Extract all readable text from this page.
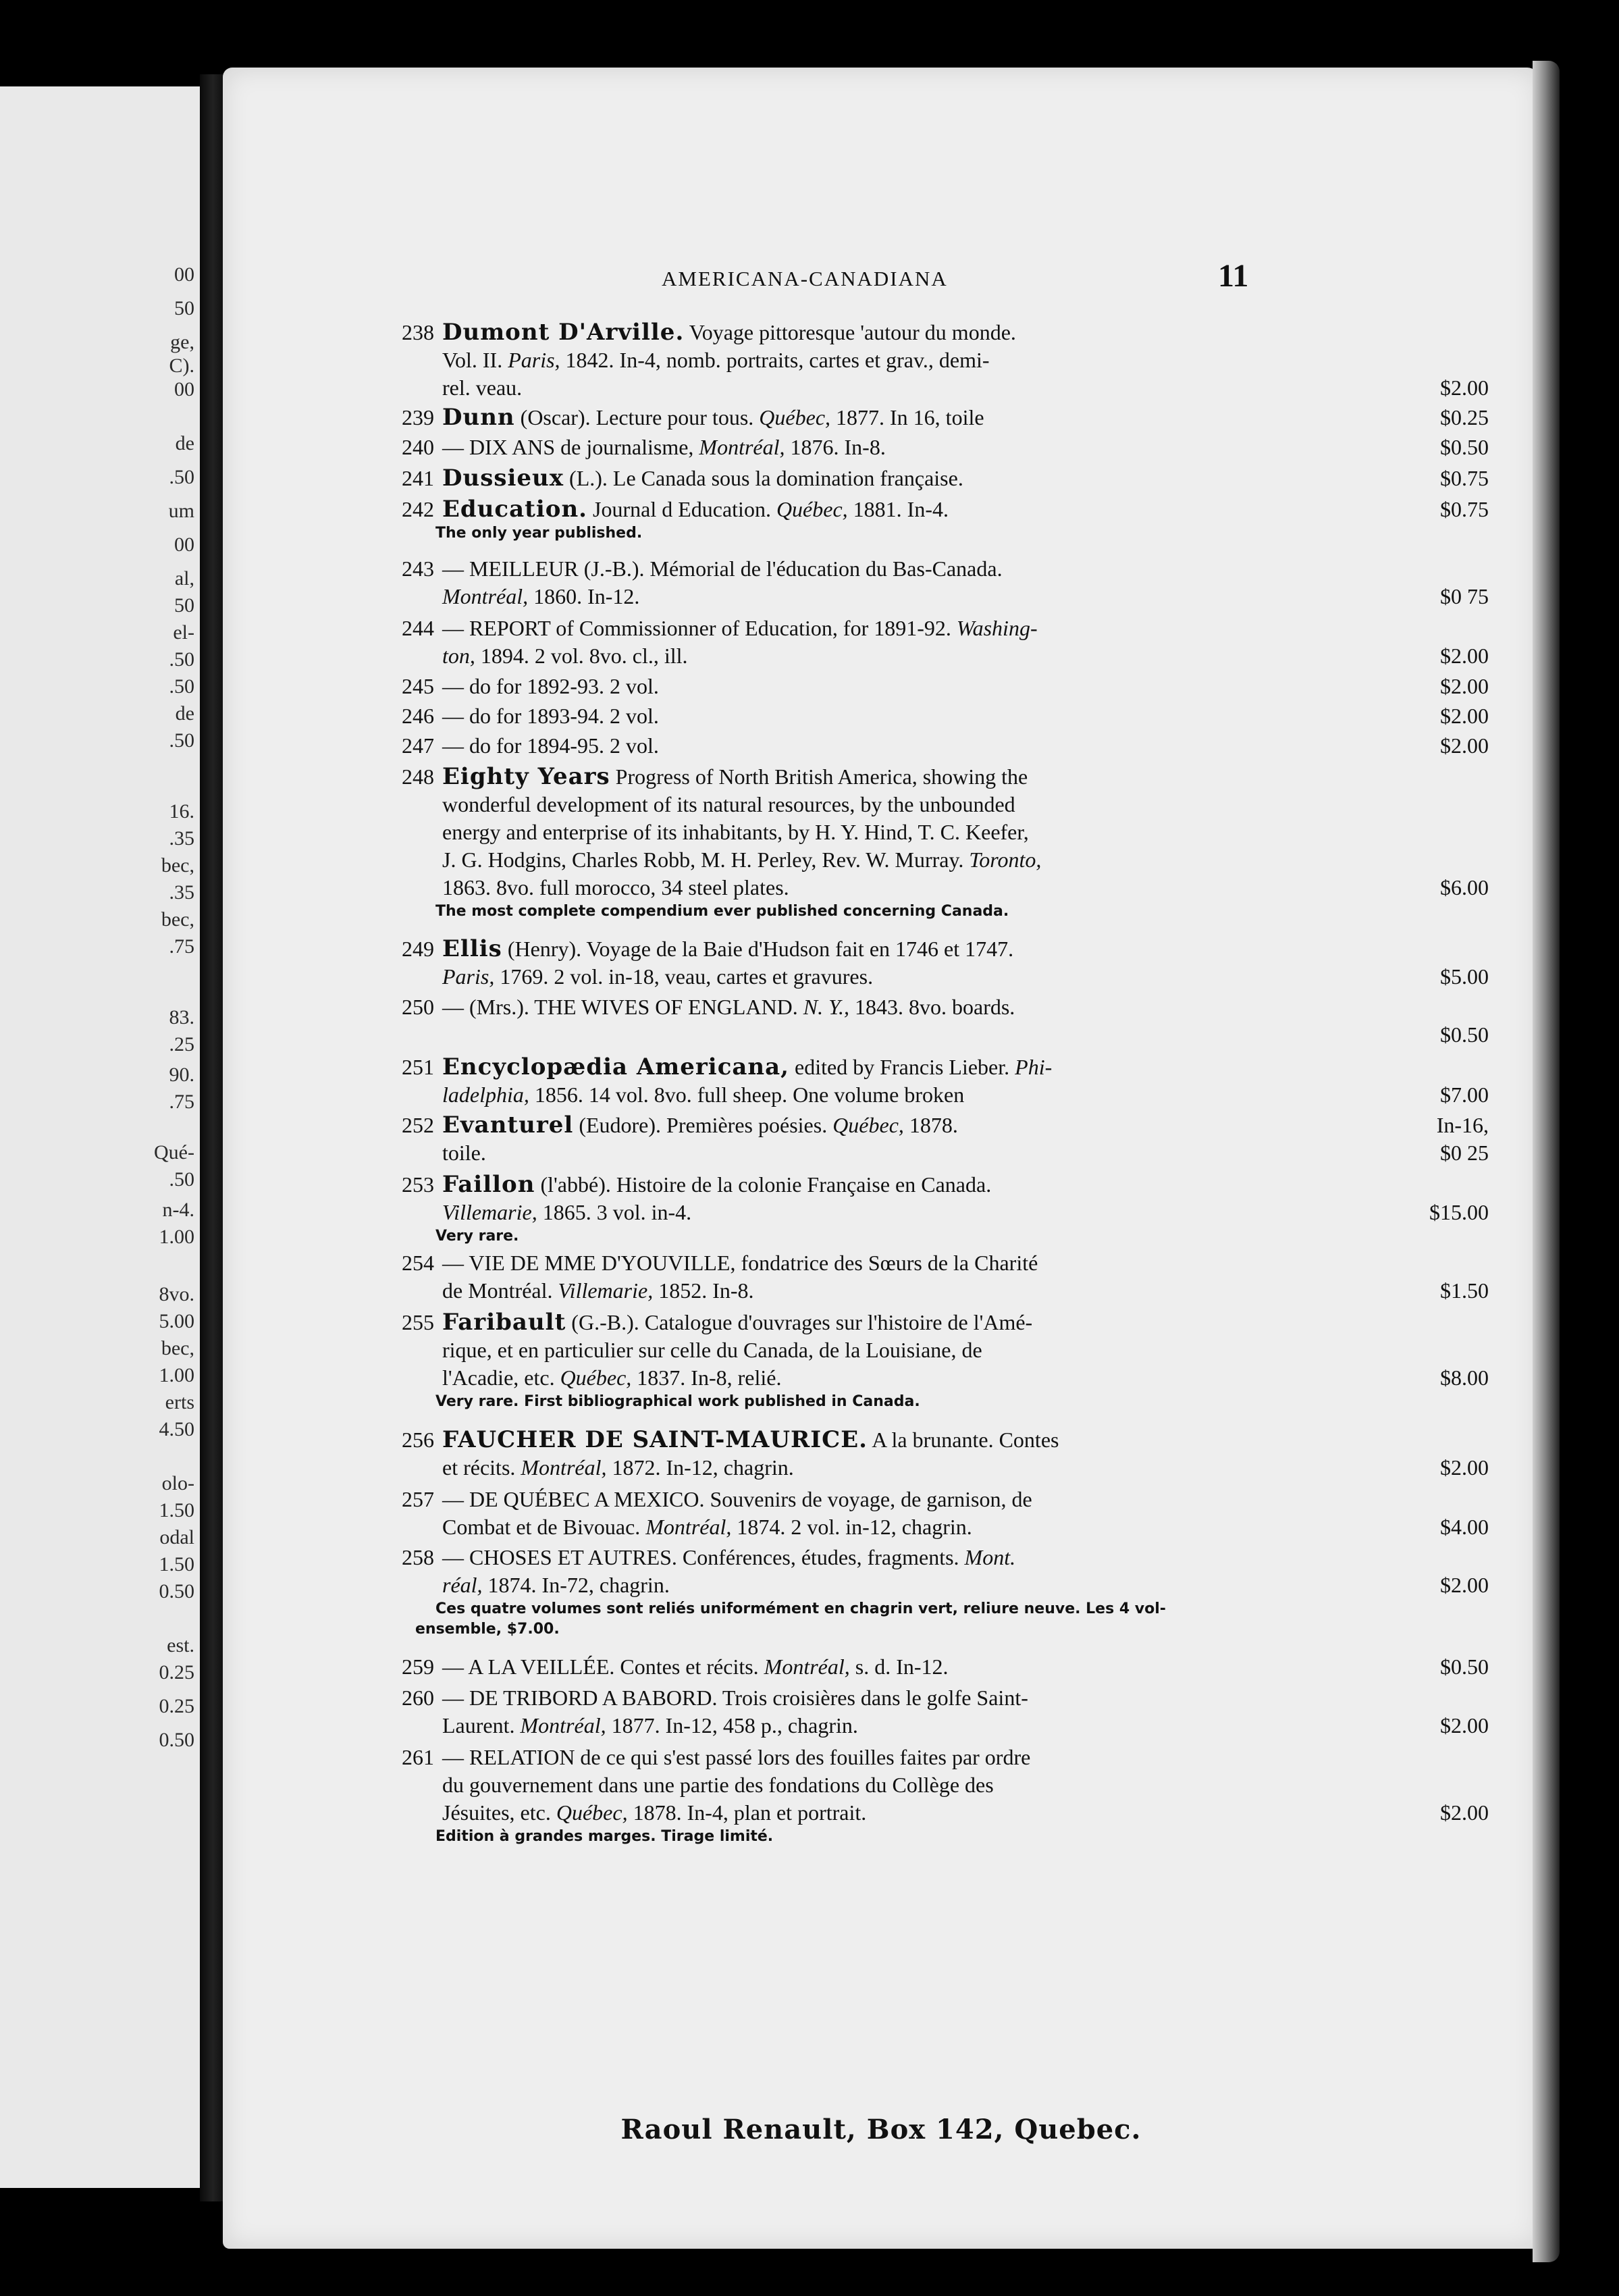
00
50
ge,
C).
00
de
.50
um
00
al,
50
el-
.50
.50
de
.50
16.
.35
bec,
.35
bec,
.75
83.
.25
90.
.75
Qué-
.50
n-4.
1.00
8vo.
5.00
bec,
1.00
erts
4.50
olo-
1.50
odal
1.50
0.50
est.
0.25
0.25
0.50
AMERICANA-CANADIANA	11
238 Dumont D'Arville. Voyage pittoresque 'autour du monde.
Vol. II. Paris, 1842. In-4, nomb. portraits, cartes et grav., demi-
rel. veau.	$2.00
239 Dunn (Oscar). Lecture pour tous. Québec, 1877. In 16, toile	$0.25
240 — DIX ANS de journalisme, Montréal, 1876. In-8.	$0.50
241 Dussieux (L.). Le Canada sous la domination française.	$0.75
242 Education. Journal d Education. Québec, 1881. In-4.	$0.75
The only year published.
243 — MEILLEUR (J.-B.). Mémorial de l'éducation du Bas-Canada.
Montréal, 1860. In-12.	$0 75
244 — REPORT of Commissionner of Education, for 1891-92. Washing-
ton, 1894. 2 vol. 8vo. cl., ill.	$2.00
245 — do for 1892-93. 2 vol.	$2.00
246 — do for 1893-94. 2 vol.	$2.00
247 — do for 1894-95. 2 vol.	$2.00
248 Eighty Years Progress of North British America, showing the
wonderful development of its natural resources, by the unbounded
energy and enterprise of its inhabitants, by H. Y. Hind, T. C. Keefer,
J. G. Hodgins, Charles Robb, M. H. Perley, Rev. W. Murray. Toronto,
1863. 8vo. full morocco, 34 steel plates.	$6.00
The most complete compendium ever published concerning Canada.
249 Ellis (Henry). Voyage de la Baie d'Hudson fait en 1746 et 1747.
Paris, 1769. 2 vol. in-18, veau, cartes et gravures.	$5.00
250 — (Mrs.). THE WIVES OF ENGLAND. N. Y., 1843. 8vo. boards.
$0.50
251 Encyclopædia Americana, edited by Francis Lieber. Phi-
ladelphia, 1856. 14 vol. 8vo. full sheep. One volume broken	$7.00
252 Evanturel (Eudore). Premières poésies. Québec, 1878.	In-16,
toile.	$0 25
253 Faillon (l'abbé). Histoire de la colonie Française en Canada.
Villemarie, 1865. 3 vol. in-4.	$15.00
Very rare.
254 — VIE DE MME D'YOUVILLE, fondatrice des Sœurs de la Charité
de Montréal. Villemarie, 1852. In-8.	$1.50
255 Faribault (G.-B.). Catalogue d'ouvrages sur l'histoire de l'Amé-
rique, et en particulier sur celle du Canada, de la Louisiane, de
l'Acadie, etc. Québec, 1837. In-8, relié.	$8.00
Very rare. First bibliographical work published in Canada.
256 FAUCHER DE SAINT-MAURICE. A la brunante. Contes
et récits. Montréal, 1872. In-12, chagrin.	$2.00
257 — DE QUÉBEC A MEXICO. Souvenirs de voyage, de garnison, de
Combat et de Bivouac. Montréal, 1874. 2 vol. in-12, chagrin.	$4.00
258 — CHOSES ET AUTRES. Conférences, études, fragments. Mont.
réal, 1874. In-72, chagrin.	$2.00
Ces quatre volumes sont reliés uniformément en chagrin vert, reliure neuve. Les 4 vol-
ensemble, $7.00.
259 — A LA VEILLÉE. Contes et récits. Montréal, s. d. In-12.	$0.50
260 — DE TRIBORD A BABORD. Trois croisières dans le golfe Saint-
Laurent. Montréal, 1877. In-12, 458 p., chagrin.	$2.00
261 — RELATION de ce qui s'est passé lors des fouilles faites par ordre
du gouvernement dans une partie des fondations du Collège des
Jésuites, etc. Québec, 1878. In-4, plan et portrait.	$2.00
Edition à grandes marges. Tirage limité.
Raoul Renault, Box 142, Quebec.
